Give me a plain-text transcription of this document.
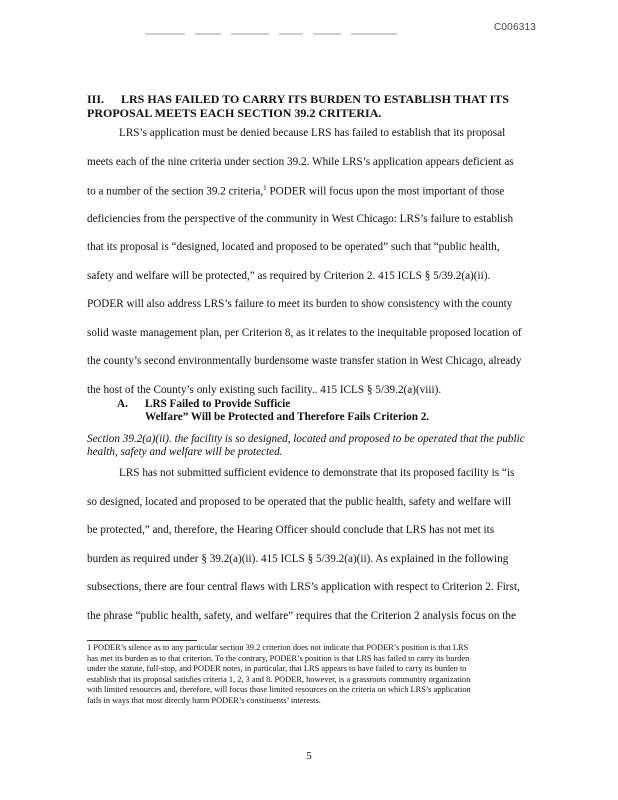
C006313
III. LRS HAS FAILED TO CARRY ITS BURDEN TO ESTABLISH THAT ITS
PROPOSAL MEETS EACH SECTION 39.2 CRITERIA.
LRS’s application must be denied because LRS has failed to establish that its proposal
meets each of the nine criteria under section 39.2. While LRS’s application appears deficient as
to a number of the section 39.2 criteria,$^1$ PODER will focus upon the most important of those
deficiencies from the perspective of the community in West Chicago: LRS’s failure to establish
that its proposal is “designed, located and proposed to be operated” such that “public health,
safety and welfare will be protected,” as required by Criterion 2. 415 ICLS § 5/39.2(a)(ii).
PODER will also address LRS’s failure to meet its burden to show consistency with the county
solid waste management plan, per Criterion 8, as it relates to the inequitable proposed location of
the county’s second environmentally burdensome waste transfer station in West Chicago, already
the host of the County’s only existing such facility.. 415 ICLS § 5/39.2(a)(viii).
A. LRS Failed to Provide Sufficie
Welfare” Will be Protected and Therefore Fails Criterion 2.
Section 39.2(a)(ii). the facility is so designed, located and proposed to be operated that the public health, safety and welfare will be protected.
LRS has not submitted sufficient evidence to demonstrate that its proposed facility is “is
so designed, located and proposed to be operated that the public health, safety and welfare will
be protected,” and, therefore, the Hearing Officer should conclude that LRS has not met its
burden as required under § 39.2(a)(ii). 415 ICLS § 5/39.2(a)(ii). As explained in the following
subsections, there are four central flaws with LRS’s application with respect to Criterion 2. First,
the phrase “public health, safety, and welfare” requires that the Criterion 2 analysis focus on the
1 PODER’s silence as to any particular section 39.2 criterion does not indicate that PODER’s position is that LRS
has met its burden as to that criterion. To the contrary, PODER’s position is that LRS has failed to carry its burden
under the statute, full-stop, and PODER notes, in particular, that LRS appears to have failed to carry its burden to
establish that its proposal satisfies criteria 1, 2, 3 and 8. PODER, however, is a grassroots community organization
with limited resources and, therefore, will focus those limited resources on the criteria on which LRS’s application
fails in ways that most directly harm PODER’s constituents’ interests.
5
